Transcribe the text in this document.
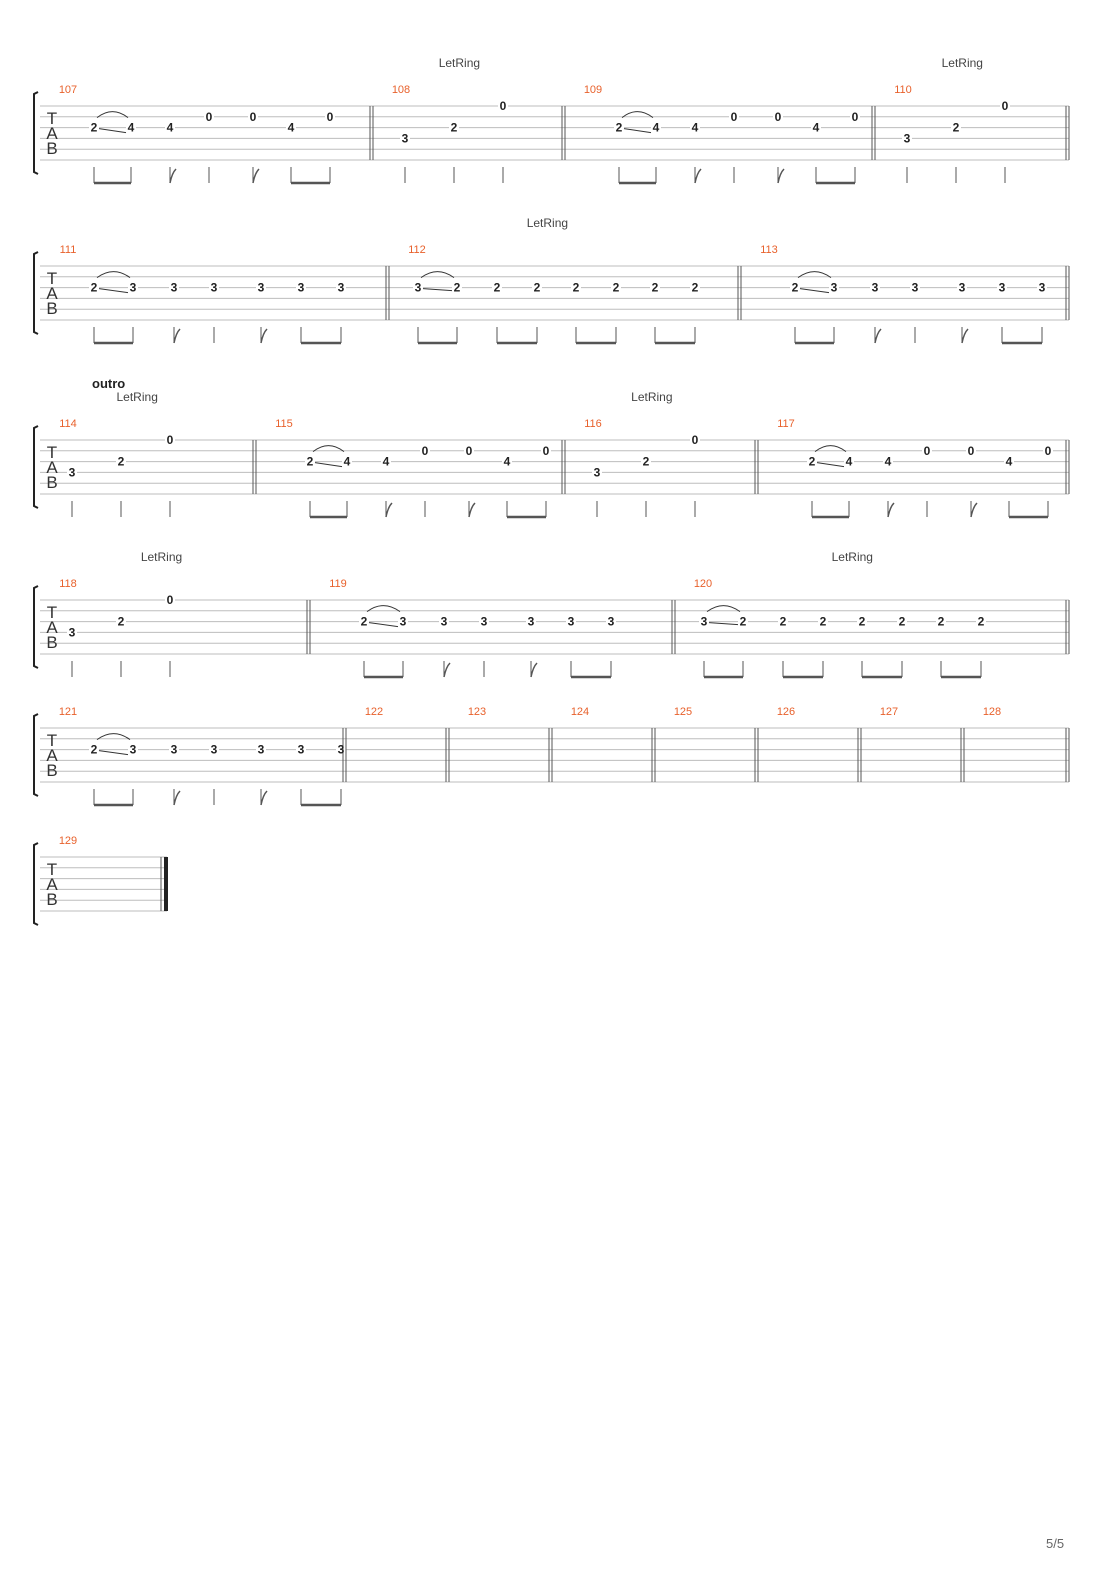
T
A
B
107
2	4	4
0	0
4
0
108
LetRing
3
2
0
109
2	4	4
0	0
4
0
110
LetRing
3
2
0
T
A
B
111
2	3	3	3	3	3	3
112
LetRing
3	2	2	2	2	2	2	2
113
2	3	3	3	3	3	3
T
A
B
outro
114
LetRing
3
2
0
115
2	4	4
0	0
4
0
116
LetRing
3
2
0
117
2	4	4
0	0
4
0
T
A
B
118
LetRing
3
2
0
119
2	3	3	3	3	3	3
120
LetRing
3	2	2	2	2	2	2	2
T
A
B
121
2	3	3	3	3	3	3
122	123	124	125	126	127	128
T
A
B
129
5/5
